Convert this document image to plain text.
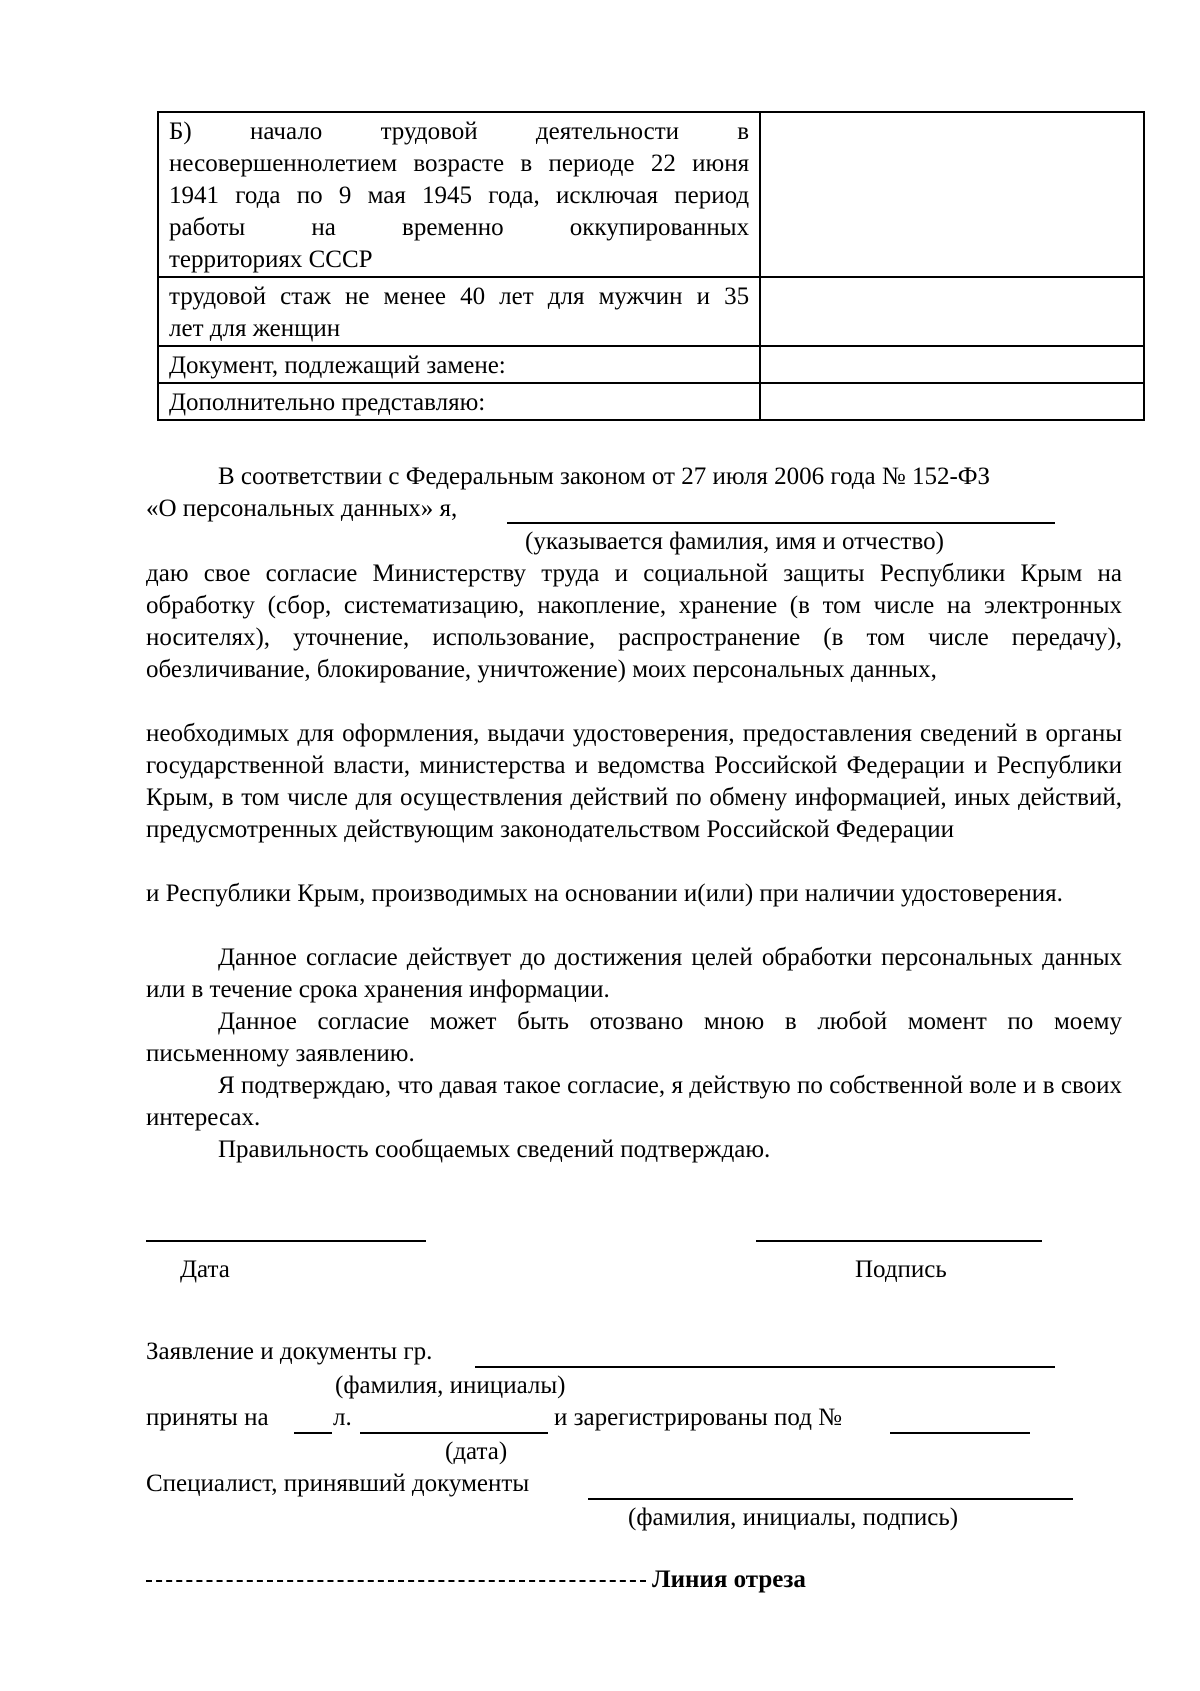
Б) начало трудовой деятельности в
несовершеннолетием возрасте в периоде 22 июня
1941 года по 9 мая 1945 года, исключая период
работы на временно оккупированных
территориях СССР	

трудовой стаж не менее 40 лет для мужчин и 35
лет для женщин	

Документ, подлежащий замене:	

Дополнительно представляю:	

В соответствии с Федеральным законом от 27 июля 2006 года № 152-ФЗ
«О персональных данных» я,
(указывается фамилия, имя и отчество)
даю свое согласие Министерству труда и социальной защиты Республики Крым на обработку (сбор, систематизацию, накопление, хранение (в том числе на электронных носителях), уточнение, использование, распространение (в том числе передачу), обезличивание, блокирование, уничтожение) моих персональных данных,
необходимых для оформления, выдачи удостоверения, предоставления сведений в органы государственной власти, министерства и ведомства Российской Федерации и Республики Крым, в том числе для осуществления действий по обмену информацией, иных действий, предусмотренных действующим законодательством Российской Федерации
и Республики Крым, производимых на основании и(или) при наличии удостоверения.
Данное согласие действует до достижения целей обработки персональных данных или в течение срока хранения информации.
Данное согласие может быть отозвано мною в любой момент по моему письменному заявлению.
Я подтверждаю, что давая такое согласие, я действую по собственной воле и в своих интересах.
Правильность сообщаемых сведений подтверждаю.
Дата	Подпись
Заявление и документы гр.
(фамилия, инициалы)
приняты на	л.	и зарегистрированы под №
(дата)
Специалист, принявший документы
(фамилия, инициалы, подпись)
Линия отреза
